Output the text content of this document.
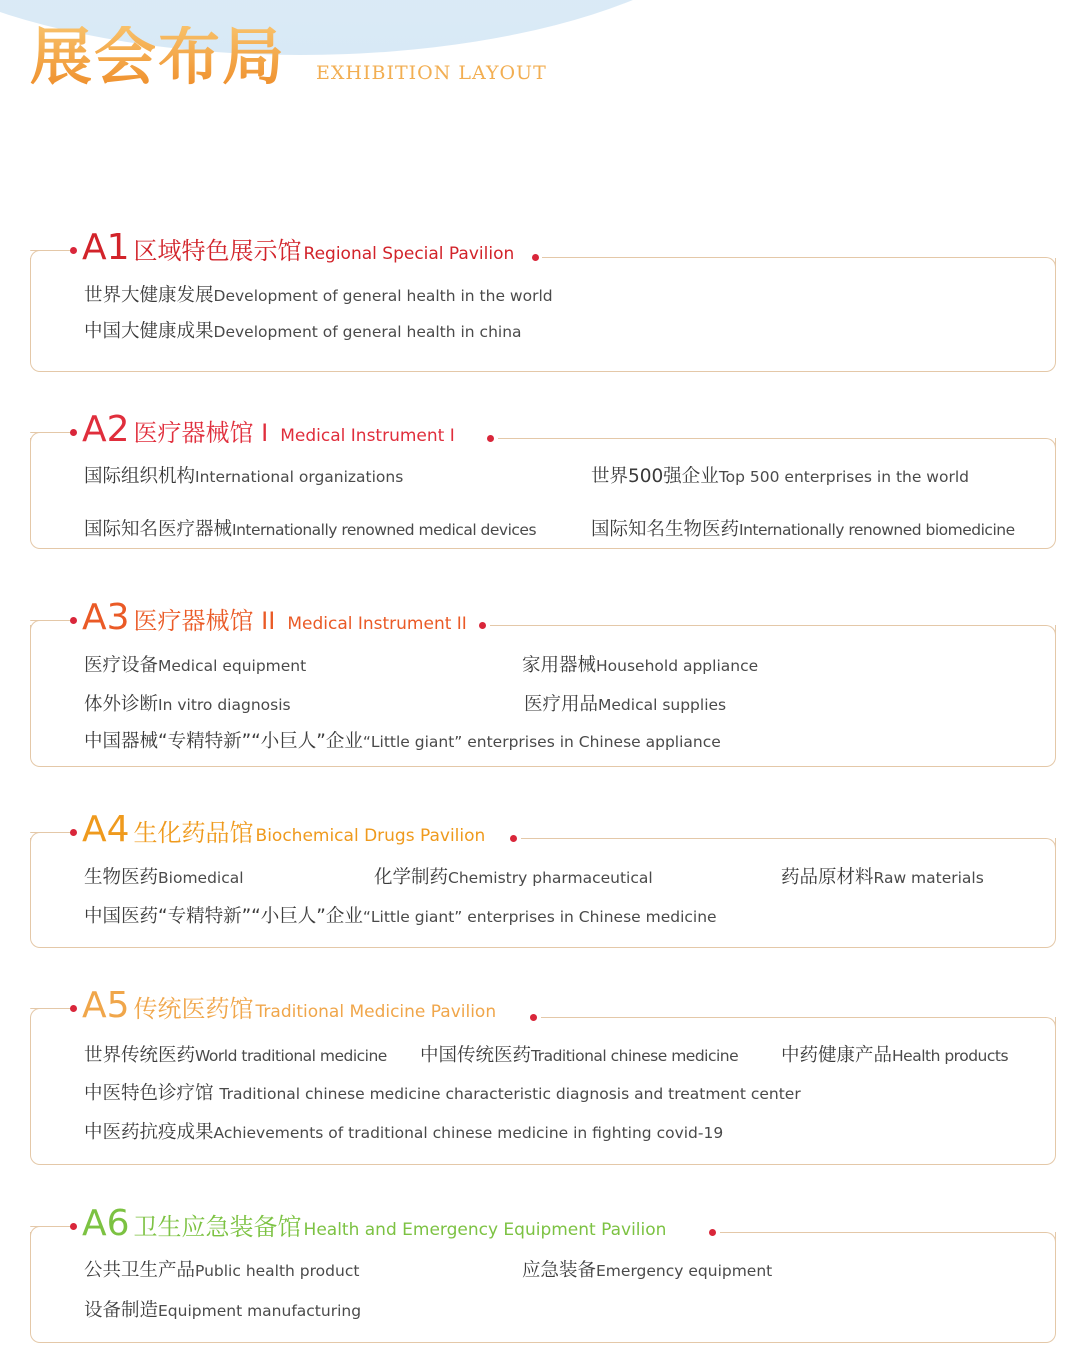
展会布局 EXHIBITION LAYOUT
A1 区域特色展示馆 Regional Special Pavilion
世界大健康发展Development of general health in the world
中国大健康成果Development of general health in china
A2 医疗器械馆 I Medical Instrument I
国际组织机构International organizations	世界500强企业Top 500 enterprises in the world
国际知名医疗器械Internationally renowned medical devices	国际知名生物医药Internationally renowned biomedicine
A3 医疗器械馆 II Medical Instrument II
医疗设备Medical equipment	家用器械Household appliance
体外诊断In vitro diagnosis	医疗用品Medical supplies
中国器械“专精特新”“小巨人”企业“Little giant” enterprises in Chinese appliance
A4 生化药品馆 Biochemical Drugs Pavilion
生物医药Biomedical	化学制药Chemistry pharmaceutical	药品原材料Raw materials
中国医药“专精特新”“小巨人”企业“Little giant” enterprises in Chinese medicine
A5 传统医药馆 Traditional Medicine Pavilion
世界传统医药World traditional medicine 中国传统医药Traditional chinese medicine 中药健康产品Health products
中医特色诊疗馆 Traditional chinese medicine characteristic diagnosis and treatment center
中医药抗疫成果Achievements of traditional chinese medicine in fighting covid-19
A6 卫生应急装备馆 Health and Emergency Equipment Pavilion
公共卫生产品Public health product	应急装备Emergency equipment
设备制造Equipment manufacturing
